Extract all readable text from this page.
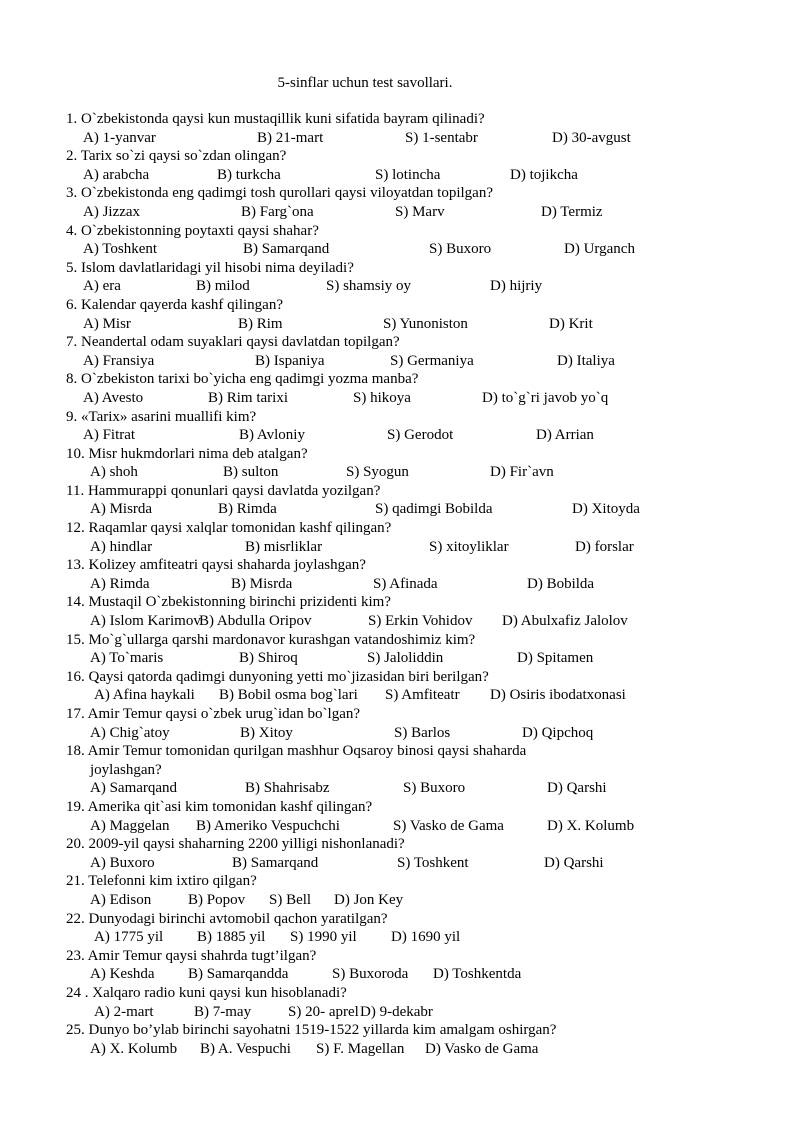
5-sinflar uchun test savollari.
1. O`zbekistonda qaysi kun mustaqillik kuni sifatida bayram qilinadi?
A) 1-yanvar	B) 21-mart	S) 1-sentabr	D) 30-avgust
2. Tarix so`zi qaysi so`zdan olingan?
A) arabcha	B) turkcha	S) lotincha	D) tojikcha
3. O`zbekistonda eng qadimgi tosh qurollari qaysi viloyatdan topilgan?
A) Jizzax	B) Farg`ona	S) Marv	D) Termiz
4. O`zbekistonning poytaxti qaysi shahar?
A) Toshkent	B) Samarqand	S) Buxoro	D) Urganch
5. Islom davlatlaridagi yil hisobi nima deyiladi?
A) era	B) milod	S) shamsiy oy	D) hijriy
6. Kalendar qayerda kashf qilingan?
A) Misr	B) Rim	S) Yunoniston	D) Krit
7. Neandertal odam suyaklari qaysi davlatdan topilgan?
A) Fransiya	B) Ispaniya	S) Germaniya	D) Italiya
8. O`zbekiston tarixi bo`yicha eng qadimgi yozma manba?
A) Avesto	B) Rim tarixi	S) hikoya	D) to`g`ri javob yo`q
9. «Tarix» asarini muallifi kim?
A) Fitrat	B) Avloniy	S) Gerodot	D) Arrian
10. Misr hukmdorlari nima deb atalgan?
A) shoh	B) sulton	S) Syogun	D) Fir`avn
11. Hammurappi qonunlari qaysi davlatda yozilgan?
A) Misrda	B) Rimda	S) qadimgi Bobilda	D) Xitoyda
12. Raqamlar qaysi xalqlar tomonidan kashf qilingan?
A) hindlar	B) misrliklar	S) xitoyliklar	D) forslar
13. Kolizey amfiteatri qaysi shaharda joylashgan?
A) Rimda	B) Misrda	S) Afinada	D) Bobilda
14. Mustaqil O`zbekistonning birinchi prizidenti kim?
A) Islom Karimov
B) Abdulla Oripov	S) Erkin Vohidov D) Abulxafiz Jalolov
15. Mo`g`ullarga qarshi mardonavor kurashgan vatandoshimiz kim?
A) To`maris	B) Shiroq	S) Jaloliddin	D) Spitamen
16. Qaysi qatorda qadimgi dunyoning yetti mo`jizasidan biri berilgan?
A) Afina haykali B) Bobil osma bog`lari S) Amfiteatr D) Osiris ibodatxonasi
17. Amir Temur qaysi o`zbek urug`idan bo`lgan?
A) Chig`atoy	B) Xitoy	S) Barlos	D) Qipchoq
18. Amir Temur tomonidan qurilgan mashhur Oqsaroy binosi qaysi shaharda
joylashgan?
A) Samarqand	B) Shahrisabz	S) Buxoro	D) Qarshi
19. Amerika qit`asi kim tomonidan kashf qilingan?
A) Maggelan B) Ameriko Vespuchchi	S) Vasko de Gama	D) X. Kolumb
20. 2009-yil qaysi shaharning 2200 yilligi nishonlanadi?
A) Buxoro	B) Samarqand	S) Toshkent	D) Qarshi
21. Telefonni kim ixtiro qilgan?
A) Edison B) Popov S) Bell D) Jon Key
22. Dunyodagi birinchi avtomobil qachon yaratilgan?
A) 1775 yil B) 1885 yil S) 1990 yil D) 1690 yil
23. Amir Temur qaysi shahrda tugt’ilgan?
A) Keshda B) Samarqandda	S) Buxoroda D) Toshkentda
24 . Xalqaro radio kuni qaysi kun hisoblanadi?
A) 2-mart	B) 7-may S) 20- aprel D) 9-dekabr
25. Dunyo bo’ylab birinchi sayohatni 1519-1522 yillarda kim amalgam oshirgan?
A) X. Kolumb B) A. Vespuchi S) F. Magellan D) Vasko de Gama
